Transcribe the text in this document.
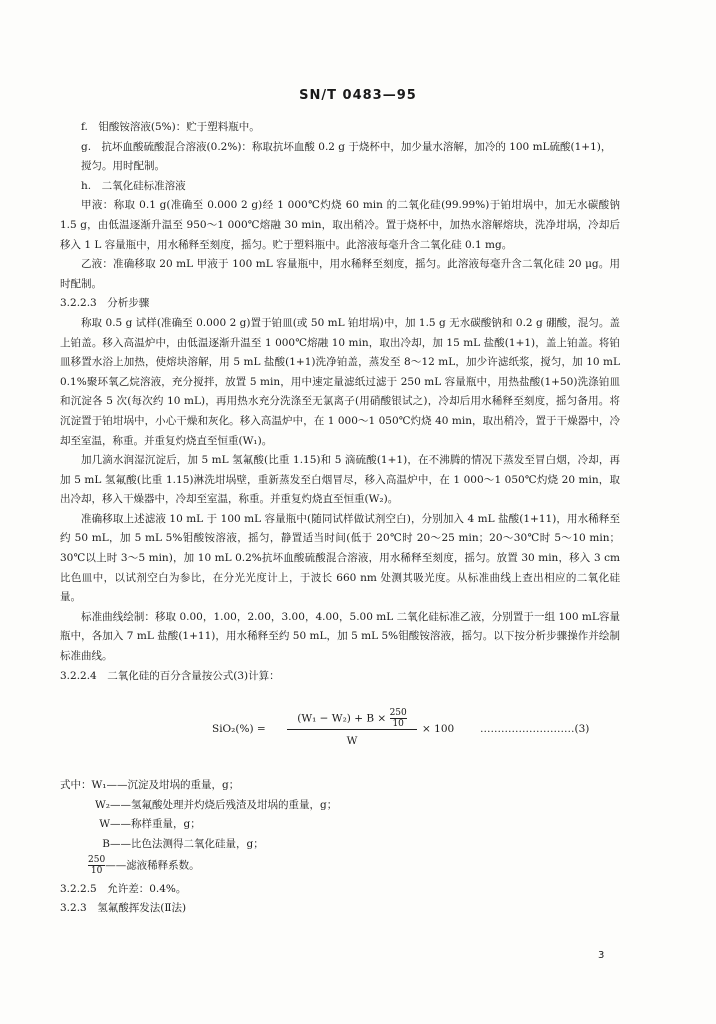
SN/T 0483—95

f.　钼酸铵溶液(5%)：贮于塑料瓶中。

g.　抗坏血酸硫酸混合溶液(0.2%)：称取抗坏血酸 0.2 g 于烧杯中，加少量水溶解，加冷的 100 mL硫酸(1+1)，搅匀。用时配制。

h.　二氧化硅标准溶液

甲液：称取 0.1 g(准确至 0.000 2 g)经 1 000℃灼烧 60 min 的二氧化硅(99.99%)于铂坩埚中，加无水碳酸钠 1.5 g，由低温逐渐升温至 950～1 000℃熔融 30 min，取出稍冷。置于烧杯中，加热水溶解熔块，洗净坩埚，冷却后移入 1 L 容量瓶中，用水稀释至刻度，摇匀。贮于塑料瓶中。此溶液每毫升含二氧化硅 0.1 mg。

乙液：准确移取 20 mL 甲液于 100 mL 容量瓶中，用水稀释至刻度，摇匀。此溶液每毫升含二氧化硅 20 μg。用时配制。

3.2.2.3　分析步骤

称取 0.5 g 试样(准确至 0.000 2 g)置于铂皿(或 50 mL 铂坩埚)中，加 1.5 g 无水碳酸钠和 0.2 g 硼酸，混匀。盖上铂盖。移入高温炉中，由低温逐渐升温至 1 000℃熔融 10 min，取出冷却，加 15 mL 盐酸(1+1)，盖上铂盖。将铂皿移置水浴上加热，使熔块溶解，用 5 mL 盐酸(1+1)洗净铂盖，蒸发至 8～12 mL，加少许滤纸浆，搅匀，加 10 mL 0.1%聚环氧乙烷溶液，充分搅拌，放置 5 min，用中速定量滤纸过滤于 250 mL 容量瓶中，用热盐酸(1+50)洗涤铂皿和沉淀各 5 次(每次约 10 mL)，再用热水充分洗涤至无氯离子(用硝酸银试之)，冷却后用水稀释至刻度，摇匀备用。将沉淀置于铂坩埚中，小心干燥和灰化。移入高温炉中，在 1 000～1 050℃灼烧 40 min，取出稍冷，置于干燥器中，冷却至室温，称重。并重复灼烧直至恒重(W₁)。

加几滴水润湿沉淀后，加 5 mL 氢氟酸(比重 1.15)和 5 滴硫酸(1+1)，在不沸腾的情况下蒸发至冒白烟，冷却，再加 5 mL 氢氟酸(比重 1.15)淋洗坩埚壁，重新蒸发至白烟冒尽，移入高温炉中，在 1 000～1 050℃灼烧 20 min，取出冷却，移入干燥器中，冷却至室温，称重。并重复灼烧直至恒重(W₂)。

准确移取上述滤液 10 mL 于 100 mL 容量瓶中(随同试样做试剂空白)，分别加入 4 mL 盐酸(1+11)，用水稀释至约 50 mL，加 5 mL 5%钼酸铵溶液，摇匀，静置适当时间(低于 20℃时 20～25 min；20～30℃时 5～10 min；30℃以上时 3～5 min)，加 10 mL 0.2%抗坏血酸硫酸混合溶液，用水稀释至刻度，摇匀。放置 30 min，移入 3 cm 比色皿中，以试剂空白为参比，在分光光度计上，于波长 660 nm 处测其吸光度。从标准曲线上查出相应的二氧化硅量。

标准曲线绘制：移取 0.00，1.00，2.00，3.00，4.00，5.00 mL 二氧化硅标准乙液，分别置于一组 100 mL容量瓶中，各加入 7 mL 盐酸(1+11)，用水稀释至约 50 mL，加 5 mL 5%钼酸铵溶液，摇匀。以下按分析步骤操作并绘制标准曲线。

3.2.2.4　二氧化硅的百分含量按公式(3)计算：

$SiO_2(\%) = \frac{(W_1 - W_2) + B \times \frac{250}{10}}{W} \times 100$ ………………………(3)

式中：W₁——沉淀及坩埚的重量，g；

W₂——氢氟酸处理并灼烧后残渣及坩埚的重量，g；

W——称样重量，g；

B——比色法测得二氧化硅量，g；

$\frac{250}{10}$ ——滤液稀释系数。

3.2.2.5　允许差：0.4%。

3.2.3　氢氟酸挥发法(Ⅱ法)

3
